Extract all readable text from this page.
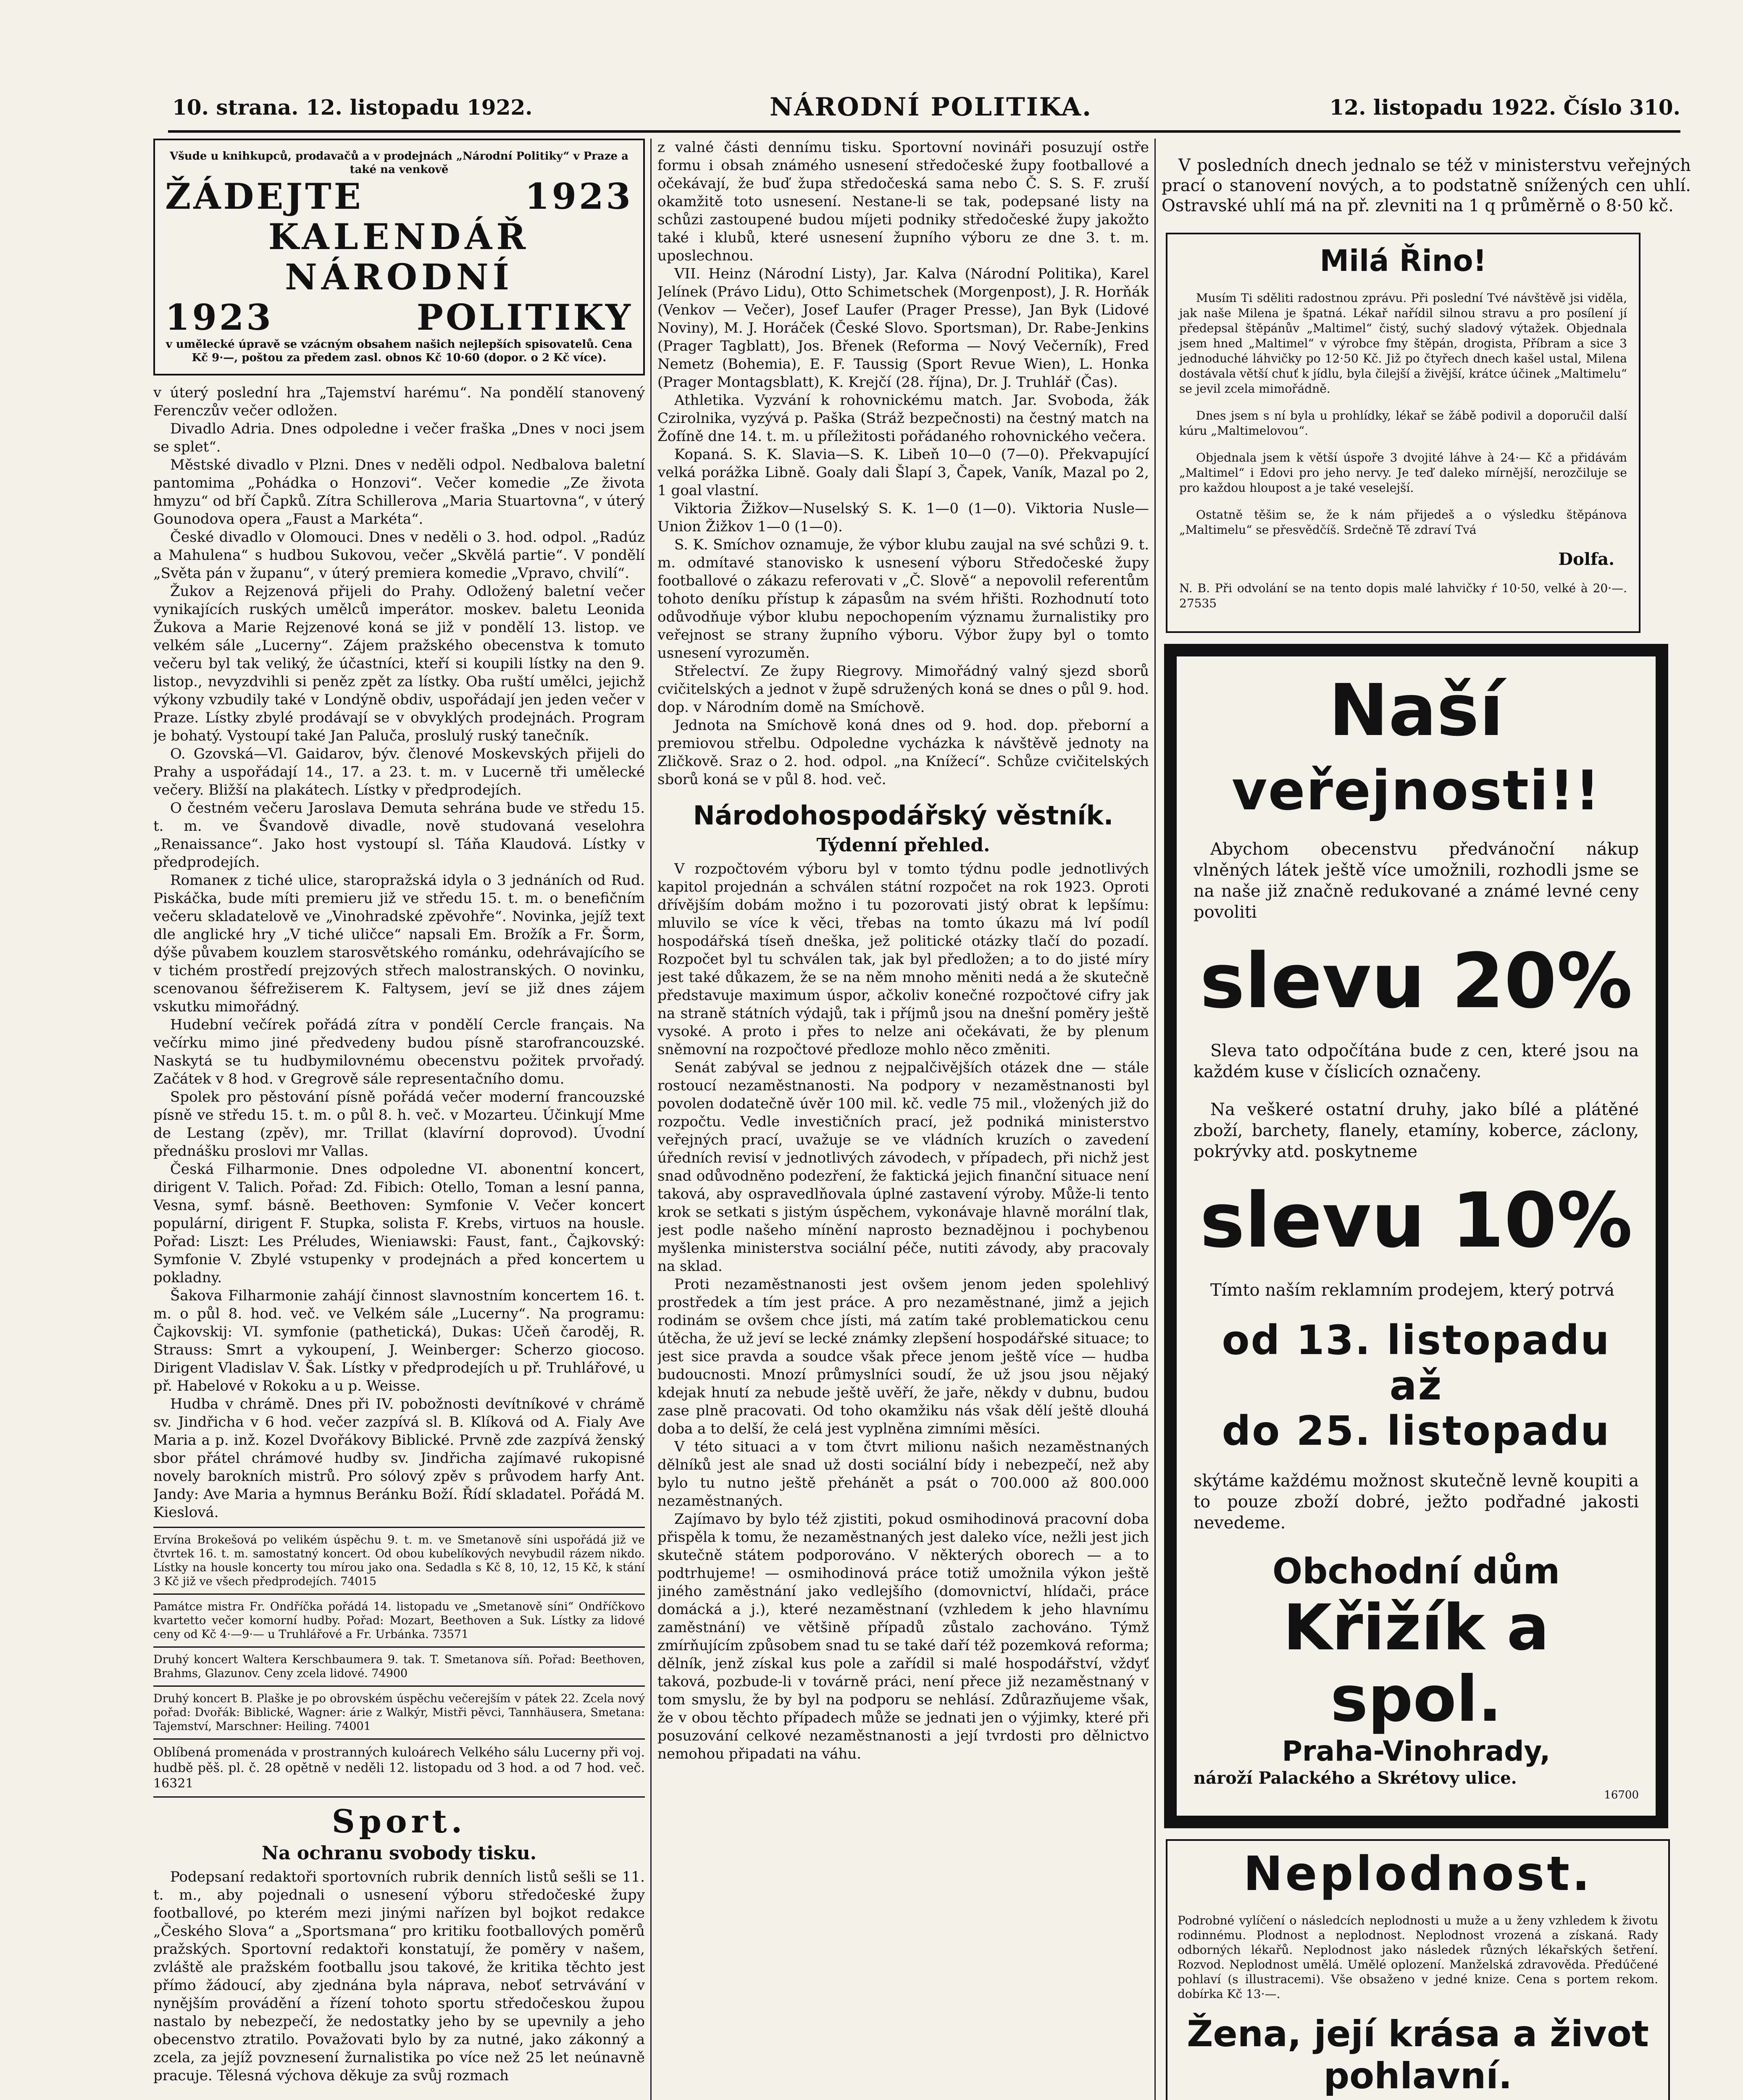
10. strana. 12. listopadu 1922.	NÁRODNÍ POLITIKA.	12. listopadu 1922. Číslo 310.
Všude u knihkupců, prodavačů a v prodejnách „Národní Politiky“ v Praze a také na venkově
ŽÁDEJTE	1923
KALENDÁŘ
NÁRODNÍ
1923	POLITIKY
v umělecké úpravě se vzácným obsahem našich nejlepších spisovatelů. Cena Kč 9·—, poštou za předem zasl. obnos Kč 10·60 (dopor. o 2 Kč více).

v úterý poslední hra „Tajemství harému“. Na pondělí stanovený Ferenczův večer odložen.

Divadlo Adria. Dnes odpoledne i večer fraška „Dnes v noci jsem se splet“.

Městské divadlo v Plzni. Dnes v neděli odpol. Nedbalova baletní pantomima „Pohádka o Honzovi“. Večer komedie „Ze života hmyzu“ od bří Čapků. Zítra Schillerova „Maria Stuartovna“, v úterý Gounodova opera „Faust a Markéta“.

České divadlo v Olomouci. Dnes v neděli o 3. hod. odpol. „Radúz a Mahulena“ s hudbou Sukovou, večer „Skvělá partie“. V pondělí „Světa pán v županu“, v úterý premiera komedie „Vpravo, chvilí“.

Žukov a Rejzenová přijeli do Prahy. Odložený baletní večer vynikajících ruských umělců imperátor. moskev. baletu Leonida Žukova a Marie Rejzenové koná se již v pondělí 13. listop. ve velkém sále „Lucerny“. Zájem pražského obecenstva k tomuto večeru byl tak veliký, že účastníci, kteří si koupili lístky na den 9. listop., nevyzdvihli si peněz zpět za lístky. Oba ruští umělci, jejichž výkony vzbudily také v Londýně obdiv, uspořádají jen jeden večer v Praze. Lístky zbylé prodávají se v obvyklých prodejnách. Program je bohatý. Vystoupí také Jan Paluča, proslulý ruský tanečník.

O. Gzovská—Vl. Gaidarov, býv. členové Moskevských přijeli do Prahy a uspořádají 14., 17. a 23. t. m. v Lucerně tři umělecké večery. Bližší na plakátech. Lístky v předprodejích.

O čestném večeru Jaroslava Demuta sehrána bude ve středu 15. t. m. ve Švandově divadle, nově studovaná veselohra „Renaissance“. Jako host vystoupí sl. Táňa Klaudová. Lístky v předprodejích.

Romaneк z tiché ulice, staropražská idyla o 3 jednáních od Rud. Piskáčka, bude míti premieru již ve středu 15. t. m. o benefičním večeru skladatelově ve „Vinohradské zpěvohře“. Novinka, jejíž text dle anglické hry „V tiché uličce“ napsali Em. Brožík a Fr. Šorm, dýše půvabem kouzlem starosvětského románku, odehrávajícího se v tichém prostředí prejzových střech malostranských. O novinku, scenovanou šéfrežiserem K. Faltysem, jeví se již dnes zájem vskutku mimořádný.

Hudební večírek pořádá zítra v pondělí Cercle français. Na večírku mimo jiné předvedeny budou písně starofrancouzské. Naskytá se tu hudbymilovnému obecenstvu požitek prvořadý. Začátek v 8 hod. v Gregrově sále representačního domu.

Spolek pro pěstování písně pořádá večer moderní francouzské písně ve středu 15. t. m. o půl 8. h. več. v Mozarteu. Účinkují Mme de Lestang (zpěv), mr. Trillat (klavírní doprovod). Úvodní přednášku proslovi mr Vallas.

Česká Filharmonie. Dnes odpoledne VI. abonentní koncert, dirigent V. Talich. Pořad: Zd. Fibich: Otello, Toman a lesní panna, Vesna, symf. básně. Beethoven: Symfonie V. Večer koncert populární, dirigent F. Stupka, solista F. Krebs, virtuos na housle. Pořad: Liszt: Les Préludes, Wieniawski: Faust, fant., Čajkovský: Symfonie V. Zbylé vstupenky v prodejnách a před koncertem u pokladny.

Šakova Filharmonie zahájí činnost slavnostním koncertem 16. t. m. o půl 8. hod. več. ve Velkém sále „Lucerny“. Na programu: Čajkovskij: VI. symfonie (pathetická), Dukas: Učeň čaroděj, R. Strauss: Smrt a vykoupení, J. Weinberger: Scherzo giocoso. Dirigent Vladislav V. Šak. Lístky v předprodejích u př. Truhlářové, u př. Habelové v Rokoku a u p. Weisse.

Hudba v chrámě. Dnes při IV. pobožnosti devítníkové v chrámě sv. Jindřicha v 6 hod. večer zazpívá sl. B. Klíková od A. Fialy Ave Maria a p. inž. Kozel Dvořákovy Biblické. Prvně zde zazpívá ženský sbor přátel chrámové hudby sv. Jindřicha zajímavé rukopisné novely barokních mistrů. Pro sólový zpěv s průvodem harfy Ant. Jandy: Ave Maria a hymnus Beránku Boží. Řídí skladatel. Pořádá M. Kieslová.

Ervína Brokešová po velikém úspěchu 9. t. m. ve Smetanově síni uspořádá již ve čtvrtek 16. t. m. samostatný koncert. Od obou kubelíkových nevybudil rázem nikdo. Lístky na housle koncerty tou mírou jako ona. Sedadla s Kč 8, 10, 12, 15 Kč, k stání 3 Kč již ve všech předprodejích. 74015

Památce mistra Fr. Ondříčka pořádá 14. listopadu ve „Smetanově síni“ Ondříčkovo kvartetto večer komorní hudby. Pořad: Mozart, Beethoven a Suk. Lístky za lidové ceny od Kč 4·—9·— u Truhlářové a Fr. Urbánka. 73571

Druhý koncert Waltera Kerschbaumera 9. tak. T. Smetanova síň. Pořad: Beethoven, Brahms, Glazunov. Ceny zcela lidové. 74900

Druhý koncert B. Plaške je po obrovském úspěchu večerejším v pátek 22. Zcela nový pořad: Dvořák: Biblické, Wagner: árie z Walkýr, Mistři pěvci, Tannhäusera, Smetana: Tajemství, Marschner: Heiling. 74001

Oblíbená promenáda v prostranných kuloárech Velkého sálu Lucerny při voj. hudbě pěš. pl. č. 28 opětně v neděli 12. listopadu od 3 hod. a od 7 hod. več. 16321

Sport.
Na ochranu svobody tisku.

Podepsaní redaktoři sportovních rubrik denních listů sešli se 11. t. m., aby pojednali o usnesení výboru středočeské župy footballové, po kterém mezi jinými nařízen byl bojkot redakce „Českého Slova“ a „Sportsmana“ pro kritiku footballových poměrů pražských. Sportovní redaktoři konstatují, že poměry v našem, zvláště ale pražském footballu jsou takové, že kritika těchto jest přímo žádoucí, aby zjednána byla náprava, neboť setrvávání v nynějším provádění a řízení tohoto sportu středočeskou župou nastalo by nebezpečí, že nedostatky jeho by se upevnily a jeho obecenstvo ztratilo. Považovati bylo by za nutné, jako zákonný a zcela, za jejíž povznesení žurnalistika po více než 25 let neúnavně pracuje. Tělesná výchova děkuje za svůj rozmach

z valné části dennímu tisku. Sportovní novináři posuzují ostře formu i obsah známého usnesení středočeské župy footballové a očekávají, že buď župa středočeská sama nebo Č. S. S. F. zruší okamžitě toto usnesení. Nestane-li se tak, podepsané listy na schůzi zastoupené budou míjeti podniky středočeské župy jakožto také i klubů, které usnesení župního výboru ze dne 3. t. m. uposlechnou.

VII. Heinz (Národní Listy), Jar. Kalva (Národní Politika), Karel Jelínek (Právo Lidu), Otto Schimetschek (Morgenpost), J. R. Horňák (Venkov — Večer), Josef Laufer (Prager Presse), Jan Byk (Lidové Noviny), M. J. Horáček (České Slovo. Sportsman), Dr. Rabe-Jenkins (Prager Tagblatt), Jos. Břenek (Reforma — Nový Večerník), Fred Nemetz (Bohemia), E. F. Taussig (Sport Revue Wien), L. Honka (Prager Montagsblatt), K. Krejčí (28. října), Dr. J. Truhlář (Čas).

Athletika. Vyzvání k rohovnickému match. Jar. Svoboda, žák Czirolnika, vyzývá p. Paška (Stráž bezpečnosti) na čestný match na Žofíně dne 14. t. m. u příležitosti pořádaného rohovnického večera.

Kopaná. S. K. Slavia—S. K. Libeň 10—0 (7—0). Překvapující velká porážka Libně. Goaly dali Šlapí 3, Čapek, Vaník, Mazal po 2, 1 goal vlastní.

Viktoria Žižkov—Nuselský S. K. 1—0 (1—0). Viktoria Nusle—Union Žižkov 1—0 (1—0).

S. K. Smíchov oznamuje, že výbor klubu zaujal na své schůzi 9. t. m. odmítavé stanovisko k usnesení výboru Středočeské župy footballové o zákazu referovati v „Č. Slově“ a nepovolil referentům tohoto deníku přístup k zápasům na svém hřišti. Rozhodnutí toto odůvodňuje výbor klubu nepochopením významu žurnalistiky pro veřejnost se strany župního výboru. Výbor župy byl o tomto usnesení vyrozuměn.

Střelectví. Ze župy Riegrovy. Mimořádný valný sjezd sborů cvičitelských a jednot v župě sdružených koná se dnes o půl 9. hod. dop. v Národním domě na Smíchově.

Jednota na Smíchově koná dnes od 9. hod. dop. přeborní a premiovou střelbu. Odpoledne vycházka k návštěvě jednoty na Zličkově. Sraz o 2. hod. odpol. „na Knížecí“. Schůze cvičitelských sborů koná se v půl 8. hod. več.

Národohospodářský věstník.
Týdenní přehled.

V rozpočtovém výboru byl v tomto týdnu podle jednotlivých kapitol projednán a schválen státní rozpočet na rok 1923. Oproti dřívějším dobám možno i tu pozorovati jistý obrat k lepšímu: mluvilo se více k věci, třebas na tomto úkazu má lví podíl hospodářská tíseň dneška, jež politické otázky tlačí do pozadí. Rozpočet byl tu schválen tak, jak byl předložen; a to do jisté míry jest také důkazem, že se na něm mnoho měniti nedá a že skutečně představuje maximum úspor, ačkoliv konečné rozpočtové cifry jak na straně státních výdajů, tak i příjmů jsou na dnešní poměry ještě vysoké. A proto i přes to nelze ani očekávati, že by plenum sněmovní na rozpočtové předloze mohlo něco změniti.

Senát zabýval se jednou z nejpalčivějších otázek dne — stále rostoucí nezaměstnanosti. Na podpory v nezaměstnanosti byl povolen dodatečně úvěr 100 mil. kč. vedle 75 mil., vložených již do rozpočtu. Vedle investičních prací, jež podniká ministerstvo veřejných prací, uvažuje se ve vládních kruzích o zavedení úředních revisí v jednotlivých závodech, v případech, při nichž jest snad odůvodněno podezření, že faktická jejich finanční situace není taková, aby ospravedlňovala úplné zastavení výroby. Může-li tento krok se setkati s jistým úspěchem, vykonávaje hlavně morální tlak, jest podle našeho mínění naprosto beznadějnou i pochybenou myšlenka ministerstva sociální péče, nutiti závody, aby pracovaly na sklad.

Proti nezaměstnanosti jest ovšem jenom jeden spolehlivý prostředek a tím jest práce. A pro nezaměstnané, jimž a jejich rodinám se ovšem chce jísti, má zatím také problematickou cenu útěcha, že už jeví se lecké známky zlepšení hospodářské situace; to jest sice pravda a soudce však přece jenom ještě více — hudba budoucnosti. Mnozí průmyslníci soudí, že už jsou jsou nějaký kdejak hnutí za nebude ještě uvěří, že jaře, někdy v dubnu, budou zase plně pracovati. Od toho okamžiku nás však dělí ještě dlouhá doba a to delší, že celá jest vyplněna zimními měsíci.

V této situaci a v tom čtvrt milionu našich nezaměstnaných dělníků jest ale snad už dosti sociální bídy i nebezpečí, než aby bylo tu nutno ještě přehánět a psát o 700.000 až 800.000 nezaměstnaných.

Zajímavo by bylo též zjistiti, pokud osmihodinová pracovní doba přispěla k tomu, že nezaměstnaných jest daleko více, nežli jest jich skutečně státem podporováno. V některých oborech — a to podtrhujeme! — osmihodinová práce totiž umožnila výkon ještě jiného zaměstnání jako vedlejšího (domovnictví, hlídači, práce domácká a j.), které nezaměstnaní (vzhledem k jeho hlavnímu zaměstnání) ve většině případů zůstalo zachováno. Týmž zmírňujícím způsobem snad tu se také daří též pozemková reforma; dělník, jenž získal kus pole a zařídil si malé hospodářství, vždyť taková, pozbude-li v továrně práci, není přece již nezaměstnaný v tom smyslu, že by byl na podporu se nehlásí. Zdůrazňujeme však, že v obou těchto případech může se jednati jen o výjimky, které při posuzování celkové nezaměstnanosti a její tvrdosti pro dělnictvo nemohou připadati na váhu.

V posledních dnech jednalo se též v ministerstvu veřejných prací o stanovení nových, a to podstatně snížených cen uhlí. Ostravské uhlí má na př. zlevniti na 1 q průměrně o 8·50 kč.

Milá Řino!

Musím Ti sděliti radostnou zprávu. Při poslední Tvé návštěvě jsi viděla, jak naše Milena je špatná. Lékař nařídil silnou stravu a pro posílení jí předepsal štěpánův „Maltimel“ čistý, suchý sladový výtažek. Objednala jsem hned „Maltimel“ v výrobce fmy štěpán, drogista, Příbram a sice 3 jednoduché láhvičky po 12·50 Kč. Již po čtyřech dnech kašel ustal, Milena dostávala větší chuť k jídlu, byla čilejší a živější, krátce účinek „Maltimelu“ se jevil zcela mimořádně.

Dnes jsem s ní byla u prohlídky, lékař se žábě podivil a doporučil další kúru „Maltimelovou“.

Objednala jsem k větší úspoře 3 dvojité láhve à 24·— Kč a přidávám „Maltimel“ i Edovi pro jeho nervy. Je teď daleko mírnější, nerozčiluje se pro každou hloupost a je také veselejší.

Ostatně těšim se, že k nám přijedeš a o výsledku štěpánova „Maltimelu“ se přesvědčíš. Srdečně Tě zdraví Tvá

Dolfa.

N. B. Při odvolání se na tento dopis malé lahvičky ŕ 10·50, velké à 20·—. 27535

Naší
veřejnosti!!

Abychom obecenstvu předvánoční nákup vlněných látek ještě více umožnili, rozhodli jsme se na naše již značně redukované a známé levné ceny povoliti

slevu 20%

Sleva tato odpočítána bude z cen, které jsou na každém kuse v číslicích označeny.

Na veškeré ostatní druhy, jako bílé a plátěné zboží, barchety, flanely, etamíny, koberce, záclony, pokrývky atd. poskytneme

slevu 10%

Tímto naším reklamním prodejem, který potrvá

od 13. listopadu
až
do 25. listopadu

skýtáme každému možnost skutečně levně koupiti a to pouze zboží dobré, ježto podřadné jakosti nevedeme.

Obchodní dům
Křižík a spol.
Praha-Vinohrady,
nároží Palackého a Skrétovy ulice.
16700
Neplodnost.

Podrobné vylíčení o následcích neplodnosti u muže a u ženy vzhledem k životu rodinnému. Plodnost a neplodnost. Neplodnost vrozená a získaná. Rady odborných lékařů. Neplodnost jako následek různých lékařských šetření. Rozvod. Neplodnost umělá. Umělé oplození. Manželská zdravověda. Předúčené pohlaví (s illustracemi). Vše obsaženo v jedné knize. Cena s portem rekom. dobírka Kč 13·—.

Žena, její krása a život pohlavní.
